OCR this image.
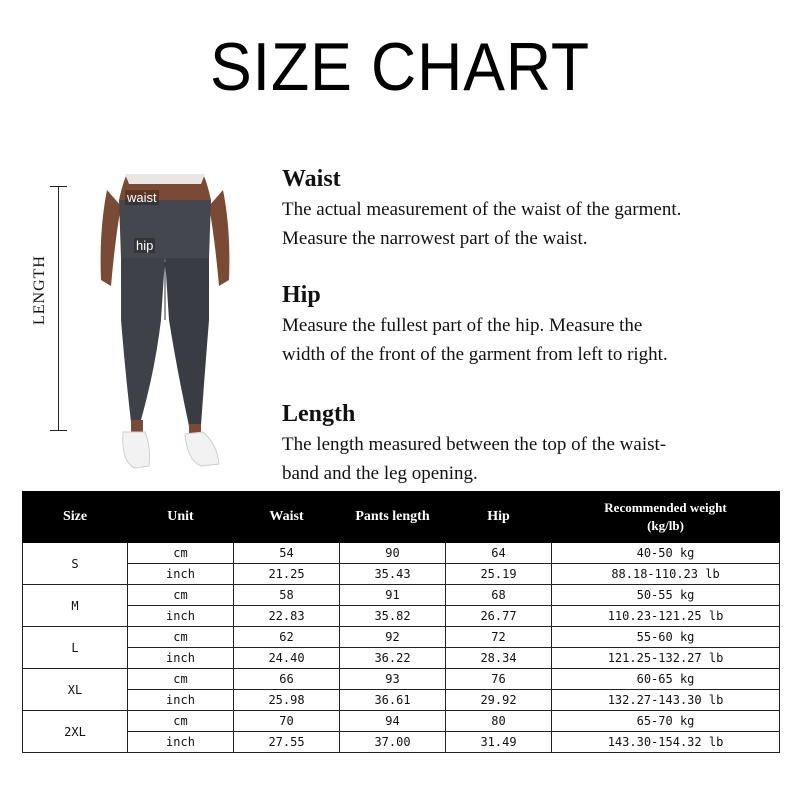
SIZE CHART
LENGTH
waist
hip
Waist

The actual measurement of the waist of the garment.
Measure the narrowest part of the waist.

Hip

Measure the fullest part of the hip. Measure the
width of the front of the garment from left to right.

Length

The length measured between the top of the waist-
band and the leg opening.

Size	Unit	Waist	Pants length	Hip	Recommended weight
(kg/lb)
S	cm	54	90	64	40-50 kg
	inch	21.25	35.43	25.19	88.18-110.23 lb
M	cm	58	91	68	50-55 kg
	inch	22.83	35.82	26.77	110.23-121.25 lb
L	cm	62	92	72	55-60 kg
	inch	24.40	36.22	28.34	121.25-132.27 lb
XL	cm	66	93	76	60-65 kg
	inch	25.98	36.61	29.92	132.27-143.30 lb
2XL	cm	70	94	80	65-70 kg
	inch	27.55	37.00	31.49	143.30-154.32 lb
